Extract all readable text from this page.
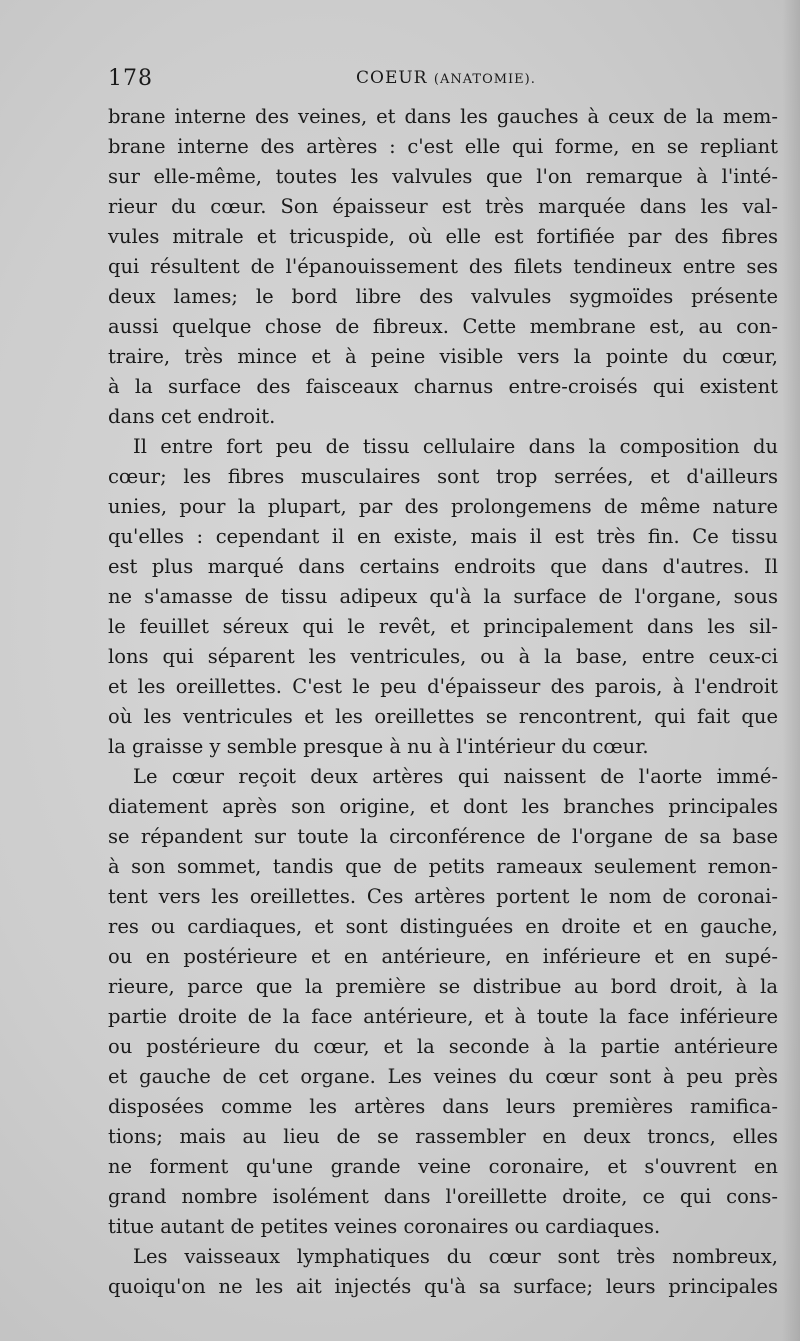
178	COEUR (ANATOMIE).
brane interne des veines, et dans les gauches à ceux de la mem-
brane interne des artères : c'est elle qui forme, en se repliant
sur elle-même, toutes les valvules que l'on remarque à l'inté-
rieur du cœur. Son épaisseur est très marquée dans les val-
vules mitrale et tricuspide, où elle est fortifiée par des fibres
qui résultent de l'épanouissement des filets tendineux entre ses
deux lames; le bord libre des valvules sygmoïdes présente
aussi quelque chose de fibreux. Cette membrane est, au con-
traire, très mince et à peine visible vers la pointe du cœur,
à la surface des faisceaux charnus entre-croisés qui existent
dans cet endroit.
Il entre fort peu de tissu cellulaire dans la composition du
cœur; les fibres musculaires sont trop serrées, et d'ailleurs
unies, pour la plupart, par des prolongemens de même nature
qu'elles : cependant il en existe, mais il est très fin. Ce tissu
est plus marqué dans certains endroits que dans d'autres. Il
ne s'amasse de tissu adipeux qu'à la surface de l'organe, sous
le feuillet séreux qui le revêt, et principalement dans les sil-
lons qui séparent les ventricules, ou à la base, entre ceux-ci
et les oreillettes. C'est le peu d'épaisseur des parois, à l'endroit
où les ventricules et les oreillettes se rencontrent, qui fait que
la graisse y semble presque à nu à l'intérieur du cœur.
Le cœur reçoit deux artères qui naissent de l'aorte immé-
diatement après son origine, et dont les branches principales
se répandent sur toute la circonférence de l'organe de sa base
à son sommet, tandis que de petits rameaux seulement remon-
tent vers les oreillettes. Ces artères portent le nom de coronai-
res ou cardiaques, et sont distinguées en droite et en gauche,
ou en postérieure et en antérieure, en inférieure et en supé-
rieure, parce que la première se distribue au bord droit, à la
partie droite de la face antérieure, et à toute la face inférieure
ou postérieure du cœur, et la seconde à la partie antérieure
et gauche de cet organe. Les veines du cœur sont à peu près
disposées comme les artères dans leurs premières ramifica-
tions; mais au lieu de se rassembler en deux troncs, elles
ne forment qu'une grande veine coronaire, et s'ouvrent en
grand nombre isolément dans l'oreillette droite, ce qui cons-
titue autant de petites veines coronaires ou cardiaques.
Les vaisseaux lymphatiques du cœur sont très nombreux,
quoiqu'on ne les ait injectés qu'à sa surface; leurs principales
